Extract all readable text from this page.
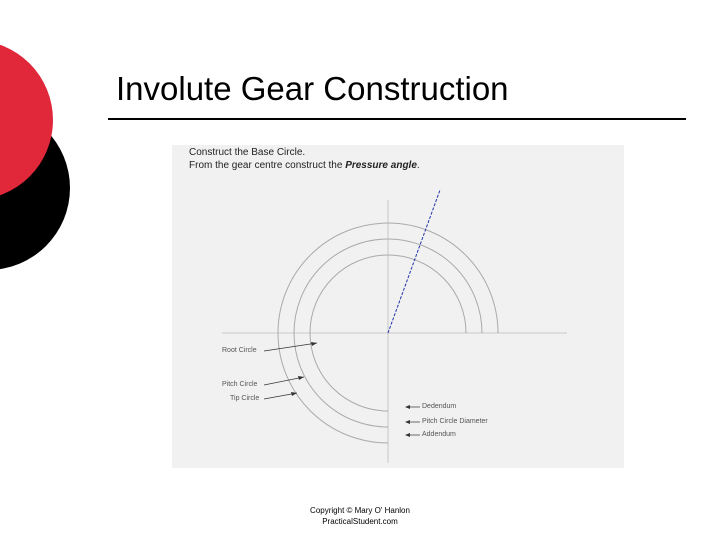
Involute Gear Construction
Construct the Base Circle.
From the gear centre construct the Pressure angle.
Root Circle
Pitch Circle
Tip Circle
Dedendum
Pitch Circle Diameter
Addendum
Copyright © Mary O' Hanlon
PracticalStudent.com
